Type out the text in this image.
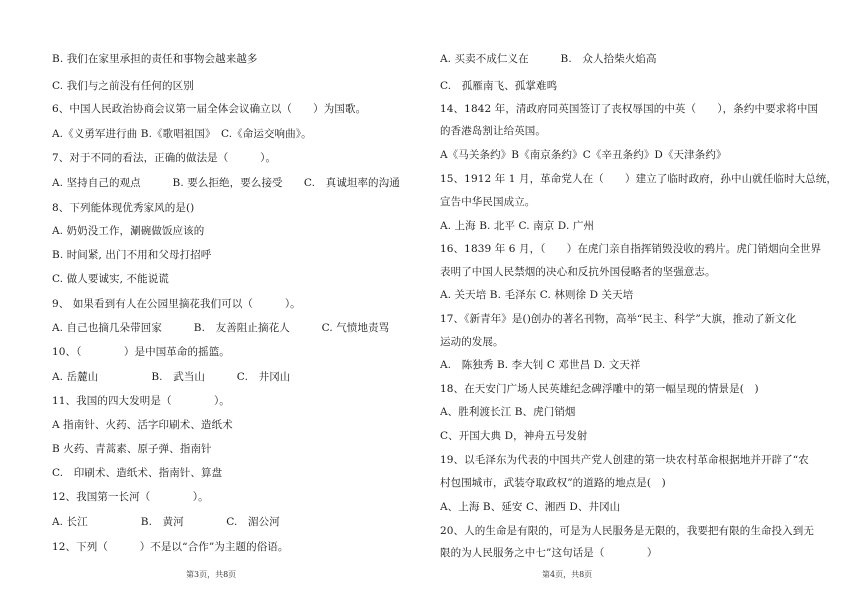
B. 我们在家里承担的责任和事物会越来越多
C. 我们与之前没有任何的区别
6、中国人民政治协商会议第一届全体会议确立以（　　）为国歌。
A.《义勇军进行曲 B.《歌唱祖国》　C.《命运交响曲》。
7、对于不同的看法，正确的做法是（　　　）。
A. 坚持自己的观点　　　B. 要么拒绝，要么接受　　C.　真诚坦率的沟通
8、下列能体现优秀家风的是()
A. 奶奶没工作，涮碗做饭应该的
B. 时间紧, 出门不用和父母打招呼
C. 做人要诚实, 不能说谎
9、 如果看到有人在公园里摘花我们可以（　　　）。
A. 自己也摘几朵带回家　　　B.　友善阻止摘花人　　　C. 气愤地责骂
10、（　　　　）是中国革命的摇篮。
A. 岳麓山　　　　　B.　武当山　　　C.　井冈山
11、我国的四大发明是（　　　　）。
A 指南针、火药、活字印刷术、造纸术
B 火药、青蒿素、原子弹、指南针
C.　印刷术、造纸术、指南针、算盘
12、我国第一长河（　　　　）。
A. 长江　　　　　B.　黄河　　　　C.　湄公河
12、下列（　　　）不是以“合作”为主题的俗语。
A. 买卖不成仁义在　　　B.　众人拾柴火焰高
C.　孤雁南飞、孤掌难鸣
14、1842 年，清政府同英国签订了丧权辱国的中英（　　），条约中要求将中国
的香港岛割让给英国。
A《马关条约》B《南京条约》C《辛丑条约》D《天津条约》
15、1912 年 1 月，革命党人在（　　）建立了临时政府，孙中山就任临时大总统，
宣告中华民国成立。
A. 上海 B. 北平 C. 南京 D. 广州
16、1839 年 6 月，（　　）在虎门亲自指挥销毁没收的鸦片。虎门销烟向全世界
表明了中国人民禁烟的决心和反抗外国侵略者的坚强意志。
A. 关天培 B. 毛泽东 C. 林则徐 D 关天培
17、《新青年》是()创办的著名刊物，高举“民主、科学”大旗，推动了新文化
运动的发展。
A.　陈独秀 B. 李大钊 C 邓世昌 D. 文天祥
18、在天安门广场人民英雄纪念碑浮雕中的第一幅呈现的情景是(　)
A、胜利渡长江 B、虎门销烟
C、开国大典 D，神舟五号发射
19、以毛泽东为代表的中国共产党人创建的第一块农村革命根据地并开辟了“农
村包围城市，武装夺取政权”的道路的地点是(　)
A、上海 B、延安 C、湘西 D、井冈山
20、人的生命是有限的，可是为人民服务是无限的，我要把有限的生命投入到无
限的为人民服务之中七”这句话是（　　　　）
第3页，共8页	第4页，共8页
